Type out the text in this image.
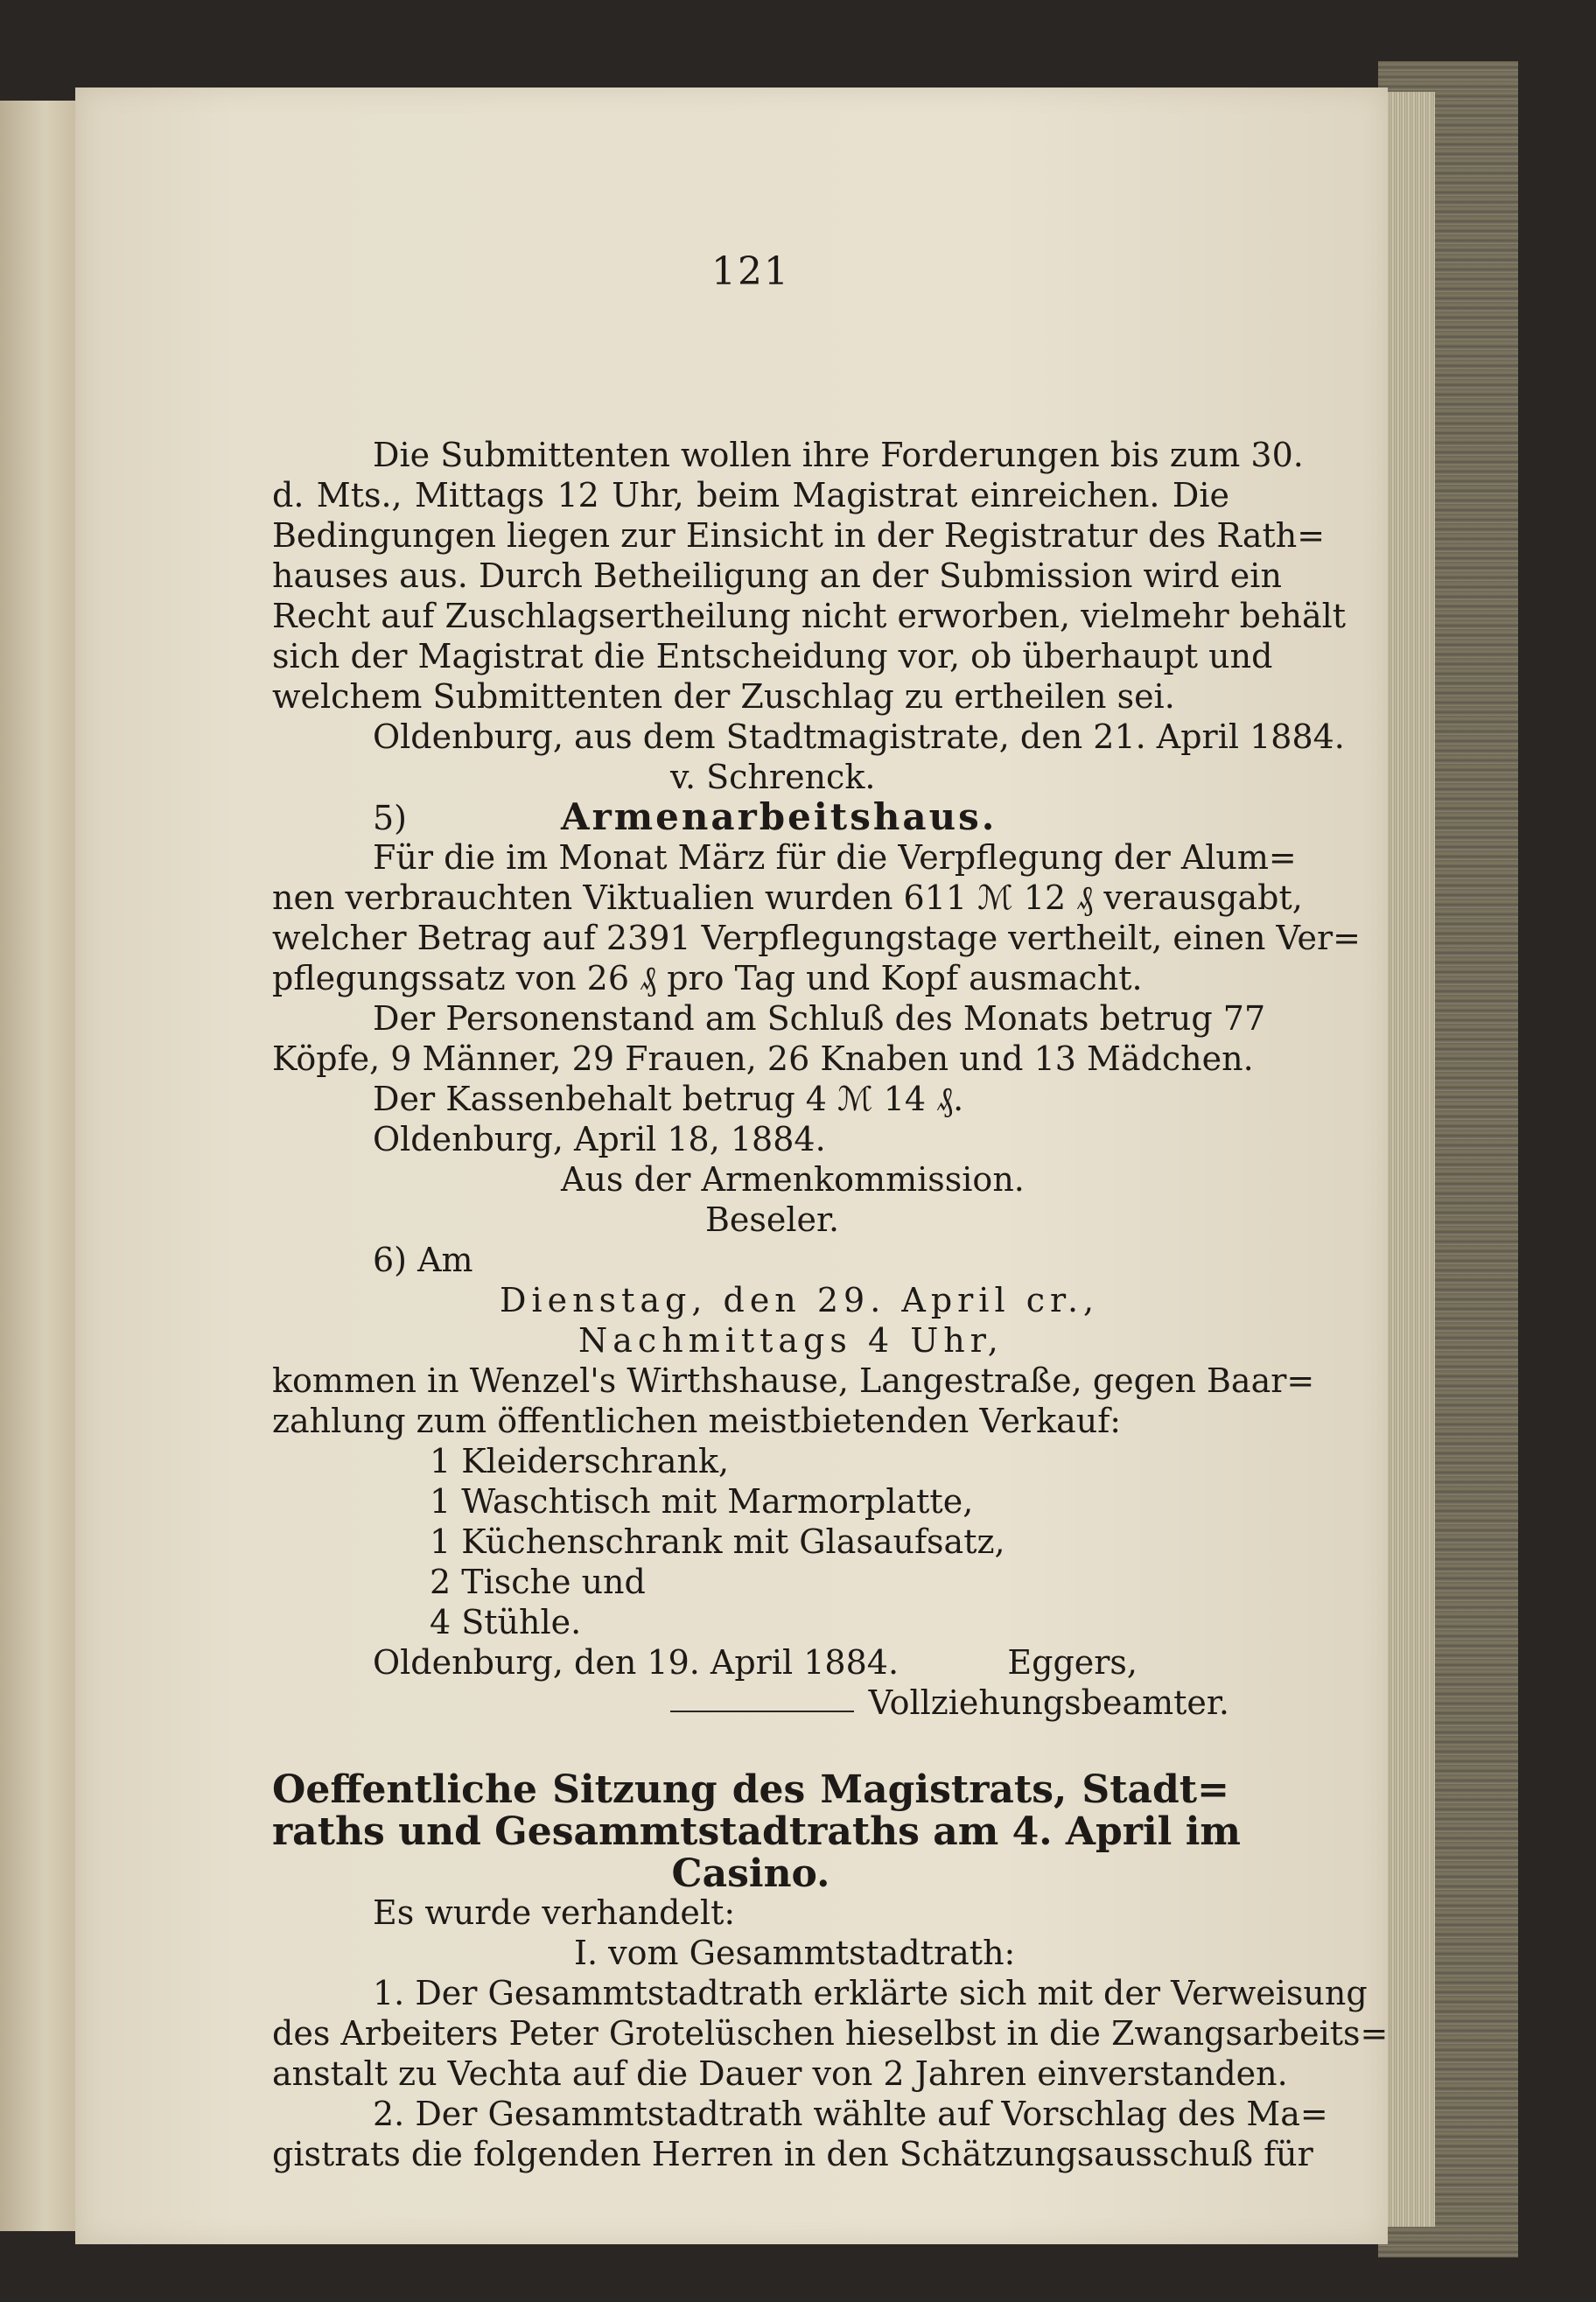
121
Die Submittenten wollen ihre Forderungen bis zum 30.
d. Mts., Mittags 12 Uhr, beim Magistrat einreichen. Die
Bedingungen liegen zur Einsicht in der Registratur des Rath=
hauses aus. Durch Betheiligung an der Submission wird ein
Recht auf Zuschlagsertheilung nicht erworben, vielmehr behält
sich der Magistrat die Entscheidung vor, ob überhaupt und
welchem Submittenten der Zuschlag zu ertheilen sei.
Oldenburg, aus dem Stadtmagistrate, den 21. April 1884.
v. Schrenck.
5)	Armenarbeitshaus.
Für die im Monat März für die Verpflegung der Alum=
nen verbrauchten Viktualien wurden 611 ℳ 12 ₰ verausgabt,
welcher Betrag auf 2391 Verpflegungstage vertheilt, einen Ver=
pflegungssatz von 26 ₰ pro Tag und Kopf ausmacht.
Der Personenstand am Schluß des Monats betrug 77
Köpfe, 9 Männer, 29 Frauen, 26 Knaben und 13 Mädchen.
Der Kassenbehalt betrug 4 ℳ 14 ₰.
Oldenburg, April 18, 1884.
Aus der Armenkommission.
Beseler.
6) Am
Dienstag, den 29. April cr.,
Nachmittags 4 Uhr,
kommen in Wenzel's Wirthshause, Langestraße, gegen Baar=
zahlung zum öffentlichen meistbietenden Verkauf:
1 Kleiderschrank,
1 Waschtisch mit Marmorplatte,
1 Küchenschrank mit Glasaufsatz,
2 Tische und
4 Stühle.
Oldenburg, den 19. April 1884.	Eggers,
Vollziehungsbeamter.
Oeffentliche Sitzung des Magistrats, Stadt=
raths und Gesammtstadtraths am 4. April im
Casino.
Es wurde verhandelt:
I. vom Gesammtstadtrath:
1. Der Gesammtstadtrath erklärte sich mit der Verweisung
des Arbeiters Peter Grotelüschen hieselbst in die Zwangsarbeits=
anstalt zu Vechta auf die Dauer von 2 Jahren einverstanden.
2. Der Gesammtstadtrath wählte auf Vorschlag des Ma=
gistrats die folgenden Herren in den Schätzungsausschuß für
